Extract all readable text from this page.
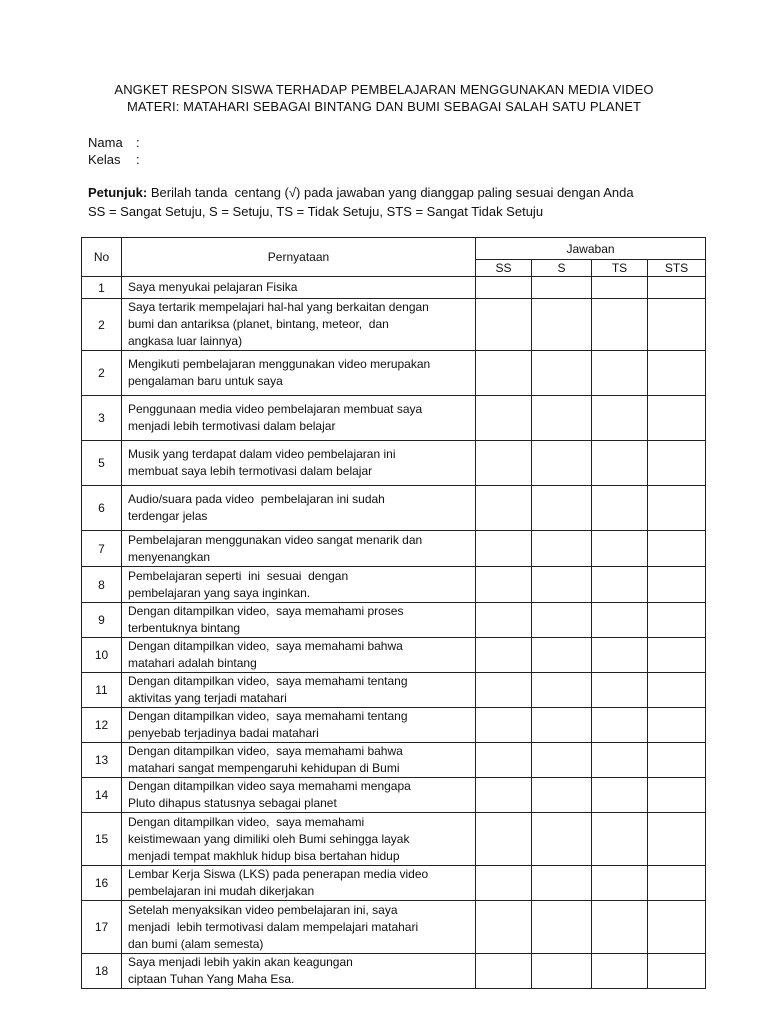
ANGKET RESPON SISWA TERHADAP PEMBELAJARAN MENGGUNAKAN MEDIA VIDEO
MATERI: MATAHARI SEBAGAI BINTANG DAN BUMI SEBAGAI SALAH SATU PLANET
Nama :
Kelas :
Petunjuk: Berilah tanda  centang (√) pada jawaban yang dianggap paling sesuai dengan Anda
SS = Sangat Setuju, S = Setuju, TS = Tidak Setuju, STS = Sangat Tidak Setuju
No	Pernyataan	Jawaban			
		SS	S	TS	STS
1	Saya menyukai pelajaran Fisika				

2	Saya tertarik mempelajari hal-hal yang berkaitan dengan
bumi dan antariksa (planet, bintang, meteor,  dan
angkasa luar lainnya)				

2	Mengikuti pembelajaran menggunakan video merupakan
pengalaman baru untuk saya				

3	Penggunaan media video pembelajaran membuat saya
menjadi lebih termotivasi dalam belajar				

5	Musik yang terdapat dalam video pembelajaran ini
membuat saya lebih termotivasi dalam belajar				

6	Audio/suara pada video  pembelajaran ini sudah
terdengar jelas				

7	Pembelajaran menggunakan video sangat menarik dan
menyenangkan				

8	Pembelajaran seperti  ini  sesuai  dengan
pembelajaran yang saya inginkan.				

9	Dengan ditampilkan video,  saya memahami proses
terbentuknya bintang				

10	Dengan ditampilkan video,  saya memahami bahwa
matahari adalah bintang				

11	Dengan ditampilkan video,  saya memahami tentang
aktivitas yang terjadi matahari				

12	Dengan ditampilkan video,  saya memahami tentang
penyebab terjadinya badai matahari				

13	Dengan ditampilkan video,  saya memahami bahwa
matahari sangat mempengaruhi kehidupan di Bumi				

14	Dengan ditampilkan video saya memahami mengapa
Pluto dihapus statusnya sebagai planet				

15	Dengan ditampilkan video,  saya memahami
keistimewaan yang dimiliki oleh Bumi sehingga layak
menjadi tempat makhluk hidup bisa bertahan hidup				

16	Lembar Kerja Siswa (LKS) pada penerapan media video
pembelajaran ini mudah dikerjakan				

17	Setelah menyaksikan video pembelajaran ini, saya
menjadi  lebih termotivasi dalam mempelajari matahari
dan bumi (alam semesta)				

18	Saya menjadi lebih yakin akan keagungan
ciptaan Tuhan Yang Maha Esa.				
